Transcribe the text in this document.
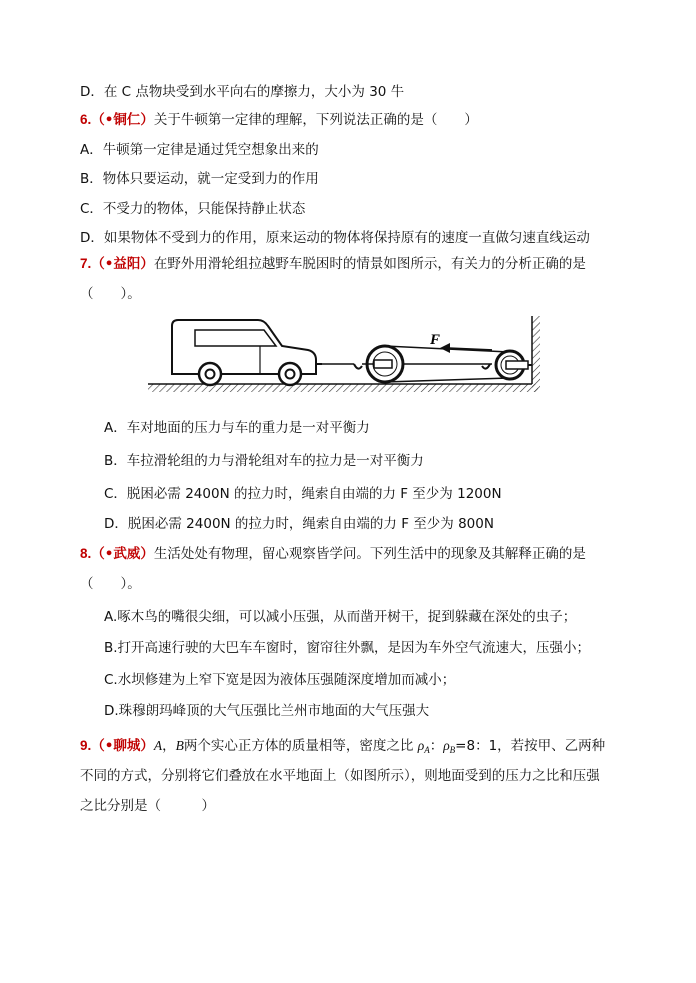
D．在 C 点物块受到水平向右的摩擦力，大小为 30 牛
6.（•铜仁）关于牛顿第一定律的理解，下列说法正确的是（　　）
A．牛顿第一定律是通过凭空想象出来的
B．物体只要运动，就一定受到力的作用
C．不受力的物体，只能保持静止状态
D．如果物体不受到力的作用，原来运动的物体将保持原有的速度一直做匀速直线运动
7.（•益阳）在野外用滑轮组拉越野车脱困时的情景如图所示，有关力的分析正确的是
（　　）。
F
A．车对地面的压力与车的重力是一对平衡力
B．车拉滑轮组的力与滑轮组对车的拉力是一对平衡力
C．脱困必需 2400N 的拉力时，绳索自由端的力 F 至少为 1200N
D．脱困必需 2400N 的拉力时，绳索自由端的力 F 至少为 800N
8.（•武威）生活处处有物理，留心观察皆学问。下列生活中的现象及其解释正确的是
（　　）。
A.啄木鸟的嘴很尖细，可以减小压强，从而凿开树干，捉到躲藏在深处的虫子；
B.打开高速行驶的大巴车车窗时，窗帘往外飘，是因为车外空气流速大，压强小；
C.水坝修建为上窄下宽是因为液体压强随深度增加而减小；
D.珠穆朗玛峰顶的大气压强比兰州市地面的大气压强大
9.（•聊城）A，B两个实心正方体的质量相等，密度之比 $\rho_A$：$\rho_B=8$：1，若按甲、乙两种
不同的方式，分别将它们叠放在水平地面上（如图所示），则地面受到的压力之比和压强
之比分别是（　　　）
